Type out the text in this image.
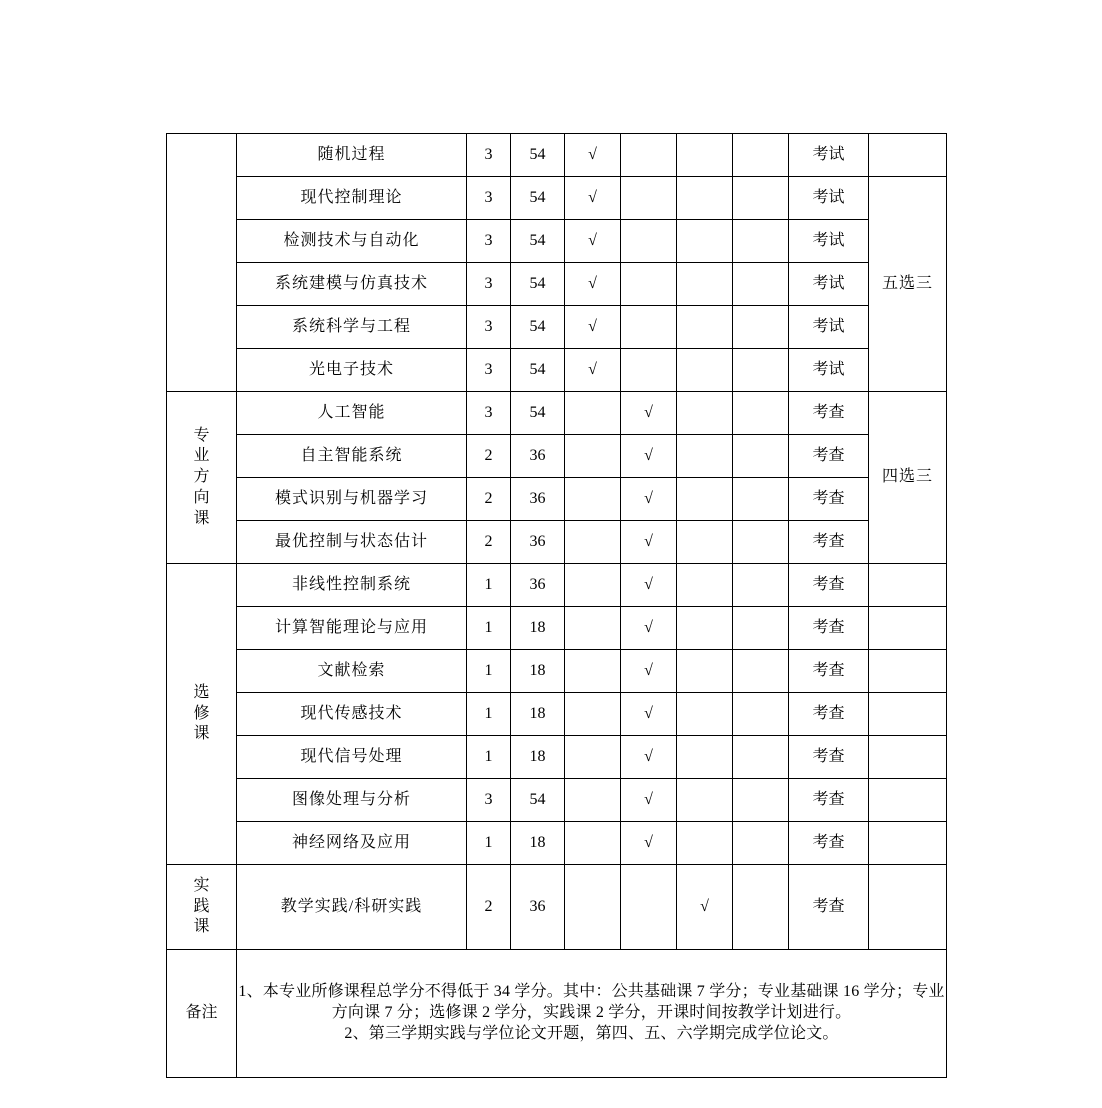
	随机过程	3	54	√				考试	
	现代控制理论	3	54	√				考试	五选三
	检测技术与自动化	3	54	√				考试	
	系统建模与仿真技术	3	54	√				考试	
	系统科学与工程	3	54	√				考试	
	光电子技术	3	54	√				考试	

专业方向课	人工智能	3	54		√			考查	四选三
	自主智能系统	2	36		√			考查	
	模式识别与机器学习	2	36		√			考查	
	最优控制与状态估计	2	36		√			考查	

选修课	非线性控制系统	1	36		√			考查	
	计算智能理论与应用	1	18		√			考查	
	文献检索	1	18		√			考查	
	现代传感技术	1	18		√			考查	
	现代信号处理	1	18		√			考查	
	图像处理与分析	3	54		√			考查	
	神经网络及应用	1	18		√			考查	

实践课	教学实践/科研实践	2	36			√		考查	
备注	1、本专业所修课程总学分不得低于 34 学分。其中：公共基础课 7 学分；专业基础课 16 学分；专业方向课 7 分；选修课 2 学分，实践课 2 学分，开课时间按教学计划进行。

2、第三学期实践与学位论文开题，第四、五、六学期完成学位论文。								
